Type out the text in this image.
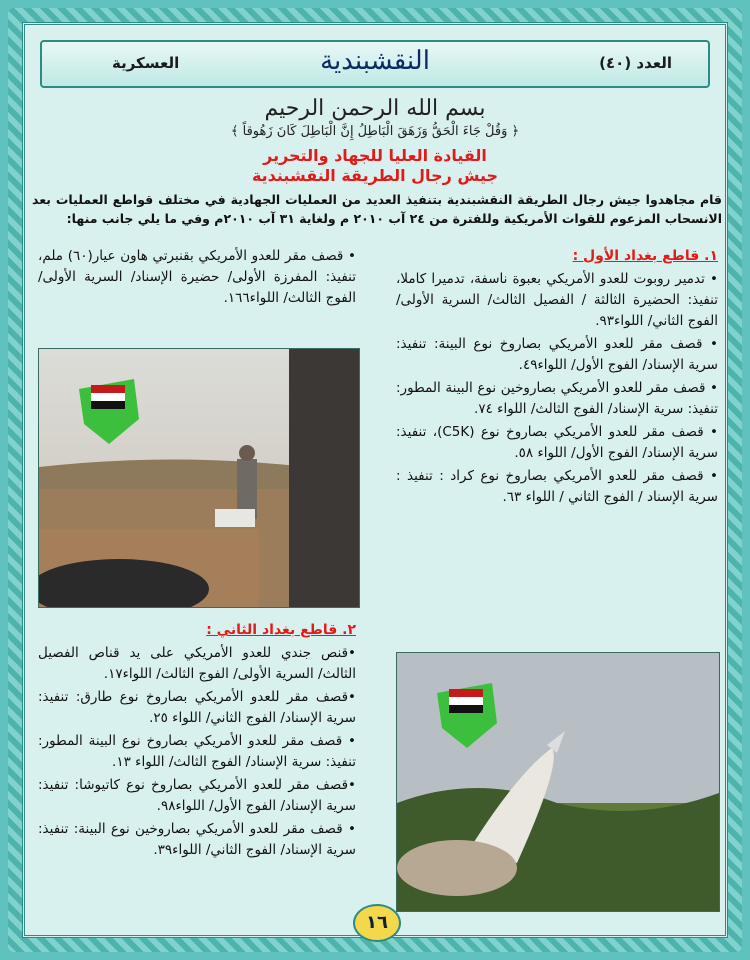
العدد (٤٠)
النقشبندية
العسكرية
بسم الله الرحمن الرحيم
﴿ وَقُلْ جَاءَ الْحَقُّ وَزَهَقَ الْبَاطِلُ إِنَّ الْبَاطِلَ كَانَ زَهُوقاً ﴾
القيادة العليا للجهاد والتحرير
جيش رجال الطريقة النقشبندية
قام مجاهدوا جيش رجال الطريقة النقشبندية بتنفيذ العديد من العمليات الجهادية في مختلف قواطع العمليات بعد الانسحاب المزعوم للقوات الأمريكية وللفترة من ٢٤ آب ٢٠١٠ م ولغاية ٣١ آب ٢٠١٠م وفي ما يلي جانب منها:
١. قاطع بغداد الأول :
• تدمير روبوت للعدو الأمريكي بعبوة ناسفة، تدميرا كاملا، تنفيذ: الحضيرة الثالثة / الفصيل الثالث/ السرية الأولى/ الفوج الثاني/ اللواء٩٣.
• قصف مقر للعدو الأمريكي بصاروخ نوع البينة: تنفيذ: سرية الإسناد/ الفوج الأول/ اللواء٤٩.
• قصف مقر للعدو الأمريكي بصاروخين نوع البينة المطور: تنفيذ: سرية الإسناد/ الفوج الثالث/ اللواء ٧٤.
• قصف مقر للعدو الأمريكي بصاروخ نوع (C5K)، تنفيذ: سرية الإسناد/ الفوج الأول/ اللواء ٥٨.
• قصف مقر للعدو الأمريكي بصاروخ نوع كراد : تنفيذ : سرية الإسناد / الفوج الثاني / اللواء ٦٣.
• قصف مقر للعدو الأمريكي بقنبرتي هاون عيار(٦٠) ملم، تنفيذ: المفرزة الأولى/ حضيرة الإسناد/ السرية الأولى/ الفوج الثالث/ اللواء١٦٦.
٢. قاطع بغداد الثاني :
•قنص جندي للعدو الأمريكي على يد قناص الفصيل الثالث/ السرية الأولى/ الفوج الثالث/ اللواء١٧.
•قصف مقر للعدو الأمريكي بصاروخ نوع طارق: تنفيذ: سرية الإسناد/ الفوج الثاني/ اللواء ٢٥.
• قصف مقر للعدو الأمريكي بصاروخ نوع البينة المطور: تنفيذ: سرية الإسناد/ الفوج الثالث/ اللواء ١٣.
•قصف مقر للعدو الأمريكي بصاروخ نوع كاتيوشا: تنفيذ: سرية الإسناد/ الفوج الأول/ اللواء٩٨.
• قصف مقر للعدو الأمريكي بصاروخين نوع البينة: تنفيذ: سرية الإسناد/ الفوج الثاني/ اللواء٣٩.
١٦
